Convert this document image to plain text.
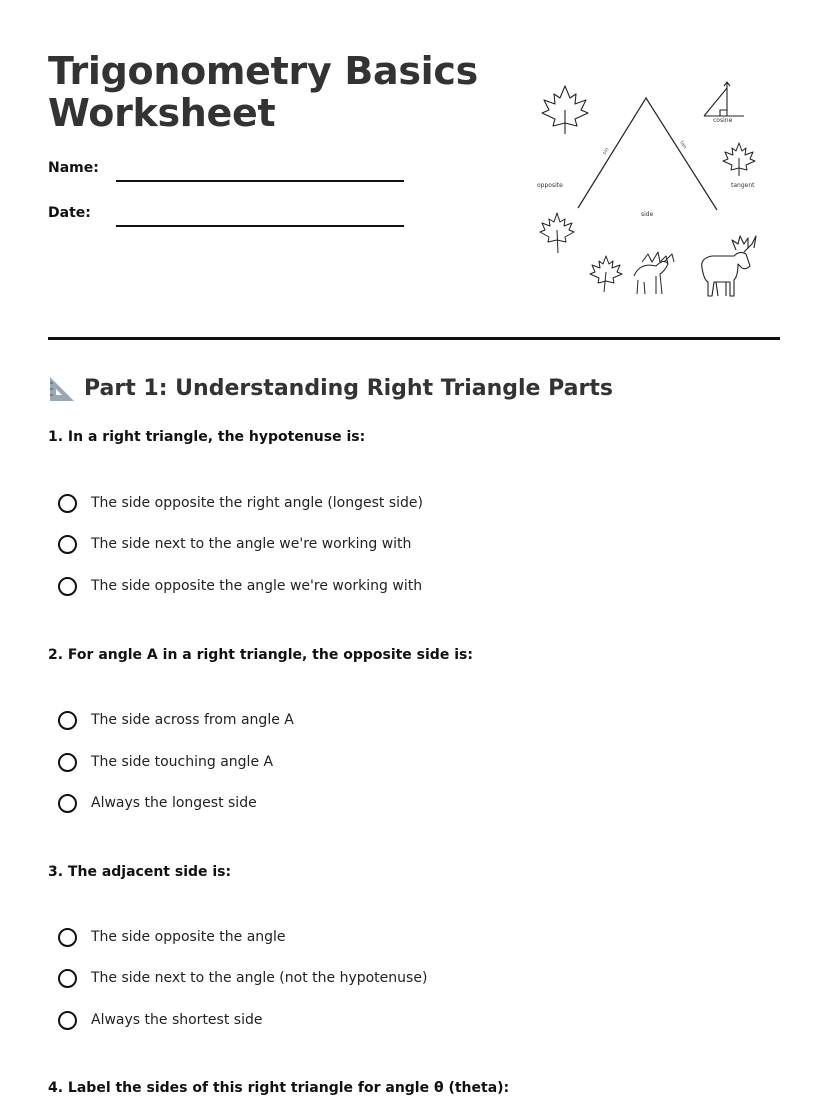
Trigonometry Basics
Worksheet
Name:
Date:
cosine
sin
tan
opposite
side
tangent
Part 1: Understanding Right Triangle Parts

1. In a right triangle, the hypotenuse is:

The side opposite the right angle (longest side)
The side next to the angle we're working with
The side opposite the angle we're working with

2. For angle A in a right triangle, the opposite side is:

The side across from angle A
The side touching angle A
Always the longest side

3. The adjacent side is:

The side opposite the angle
The side next to the angle (not the hypotenuse)
Always the shortest side

4. Label the sides of this right triangle for angle θ (theta):
